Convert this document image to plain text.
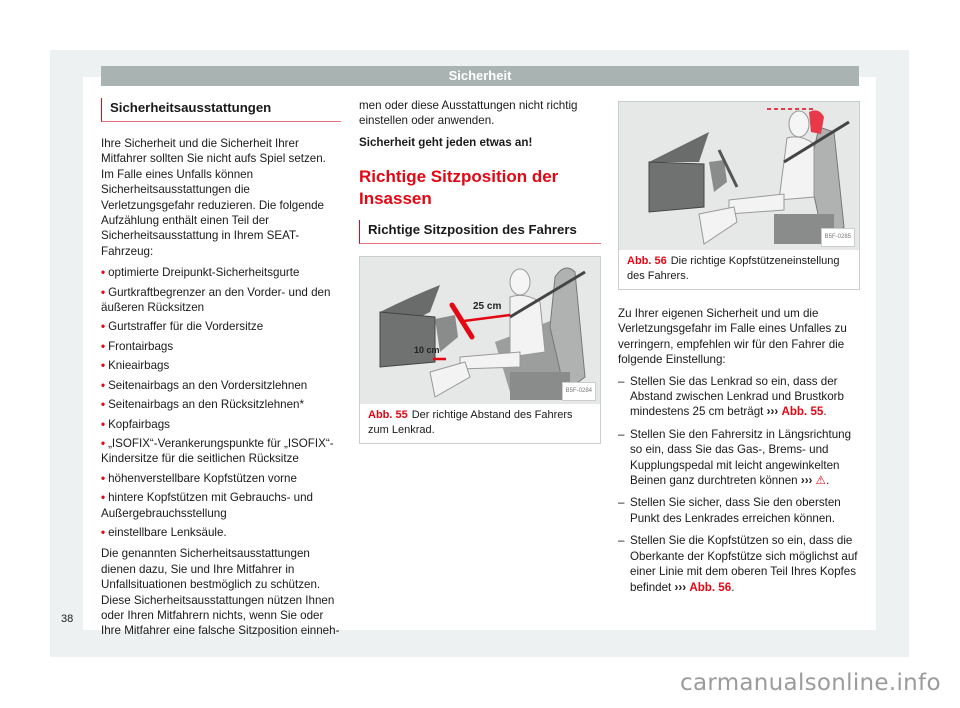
Sicherheit
Sicherheitsausstattungen

Ihre Sicherheit und die Sicherheit Ihrer Mitfahrer sollten Sie nicht aufs Spiel setzen. Im Falle eines Unfalls können Sicherheitsausstattungen die Verletzungsgefahr reduzieren. Die folgende Aufzählung enthält einen Teil der Sicherheitsausstattung in Ihrem SEAT-Fahrzeug:

• optimierte Dreipunkt-Sicherheitsgurte
• Gurtkraftbegrenzer an den Vorder- und den äußeren Rücksitzen
• Gurtstraffer für die Vordersitze
• Frontairbags
• Knieairbags
• Seitenairbags an den Vordersitzlehnen
• Seitenairbags an den Rücksitzlehnen*
• Kopfairbags
• „ISOFIX“-Verankerungspunkte für „ISOFIX“-Kindersitze für die seitlichen Rücksitze
• höhenverstellbare Kopfstützen vorne
• hintere Kopfstützen mit Gebrauchs- und Außergebrauchsstellung
• einstellbare Lenksäule.

Die genannten Sicherheitsausstattungen dienen dazu, Sie und Ihre Mitfahrer in Unfallsituationen bestmöglich zu schützen. Diese Sicherheitsausstattungen nützen Ihnen oder Ihren Mitfahrern nichts, wenn Sie oder Ihre Mitfahrer eine falsche Sitzposition einneh-

men oder diese Ausstattungen nicht richtig einstellen oder anwenden.

Sicherheit geht jeden etwas an!

Richtige Sitzposition der Insassen
Richtige Sitzposition des Fahrers
25 cm
10 cm
B5F-0284
Abb. 55 Der richtige Abstand des Fahrers zum Lenkrad.
B5F-0285
Abb. 56 Die richtige Kopfstützeneinstellung des Fahrers.

Zu Ihrer eigenen Sicherheit und um die Verletzungsgefahr im Falle eines Unfalles zu verringern, empfehlen wir für den Fahrer die folgende Einstellung:

– Stellen Sie das Lenkrad so ein, dass der Abstand zwischen Lenkrad und Brustkorb mindestens 25 cm beträgt ››› Abb. 55.
– Stellen Sie den Fahrersitz in Längsrichtung so ein, dass Sie das Gas-, Brems- und Kupplungspedal mit leicht angewinkelten Beinen ganz durchtreten können ››› ⚠.
– Stellen Sie sicher, dass Sie den obersten Punkt des Lenkrades erreichen können.
– Stellen Sie die Kopfstützen so ein, dass die Oberkante der Kopfstütze sich möglichst auf einer Linie mit dem oberen Teil Ihres Kopfes befindet ››› Abb. 56.
38
carmanualsonline.info
